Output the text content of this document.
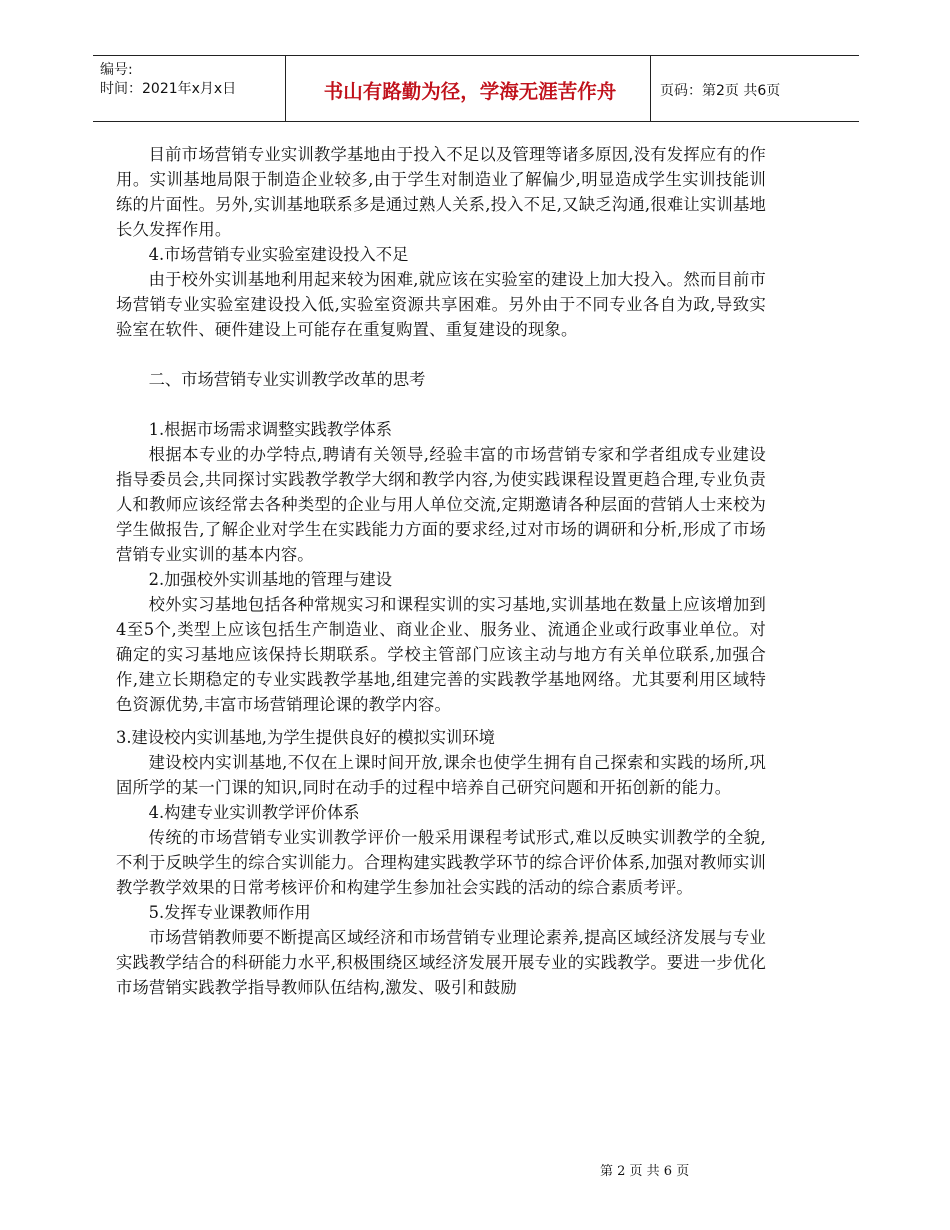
编号:
时间：2021年x月x日	书山有路勤为径，学海无涯苦作舟	页码：第2页 共6页

目前市场营销专业实训教学基地由于投入不足以及管理等诸多原因,没有发挥应有的作用。实训基地局限于制造企业较多,由于学生对制造业了解偏少,明显造成学生实训技能训练的片面性。另外,实训基地联系多是通过熟人关系,投入不足,又缺乏沟通,很难让实训基地长久发挥作用。

4.市场营销专业实验室建设投入不足

由于校外实训基地利用起来较为困难,就应该在实验室的建设上加大投入。然而目前市场营销专业实验室建设投入低,实验室资源共享困难。另外由于不同专业各自为政,导致实验室在软件、硬件建设上可能存在重复购置、重复建设的现象。

二、市场营销专业实训教学改革的思考

1.根据市场需求调整实践教学体系

根据本专业的办学特点,聘请有关领导,经验丰富的市场营销专家和学者组成专业建设指导委员会,共同探讨实践教学教学大纲和教学内容,为使实践课程设置更趋合理,专业负责人和教师应该经常去各种类型的企业与用人单位交流,定期邀请各种层面的营销人士来校为学生做报告,了解企业对学生在实践能力方面的要求经,过对市场的调研和分析,形成了市场营销专业实训的基本内容。

2.加强校外实训基地的管理与建设

校外实习基地包括各种常规实习和课程实训的实习基地,实训基地在数量上应该增加到4至5个,类型上应该包括生产制造业、商业企业、服务业、流通企业或行政事业单位。对确定的实习基地应该保持长期联系。学校主管部门应该主动与地方有关单位联系,加强合作,建立长期稳定的专业实践教学基地,组建完善的实践教学基地网络。尤其要利用区域特色资源优势,丰富市场营销理论课的教学内容。

3.建设校内实训基地,为学生提供良好的模拟实训环境

建设校内实训基地,不仅在上课时间开放,课余也使学生拥有自己探索和实践的场所,巩固所学的某一门课的知识,同时在动手的过程中培养自己研究问题和开拓创新的能力。

4.构建专业实训教学评价体系

传统的市场营销专业实训教学评价一般采用课程考试形式,难以反映实训教学的全貌,不利于反映学生的综合实训能力。合理构建实践教学环节的综合评价体系,加强对教师实训教学教学效果的日常考核评价和构建学生参加社会实践的活动的综合素质考评。

5.发挥专业课教师作用

市场营销教师要不断提高区域经济和市场营销专业理论素养,提高区域经济发展与专业实践教学结合的科研能力水平,积极围绕区域经济发展开展专业的实践教学。要进一步优化市场营销实践教学指导教师队伍结构,激发、吸引和鼓励

第 2 页 共 6 页
